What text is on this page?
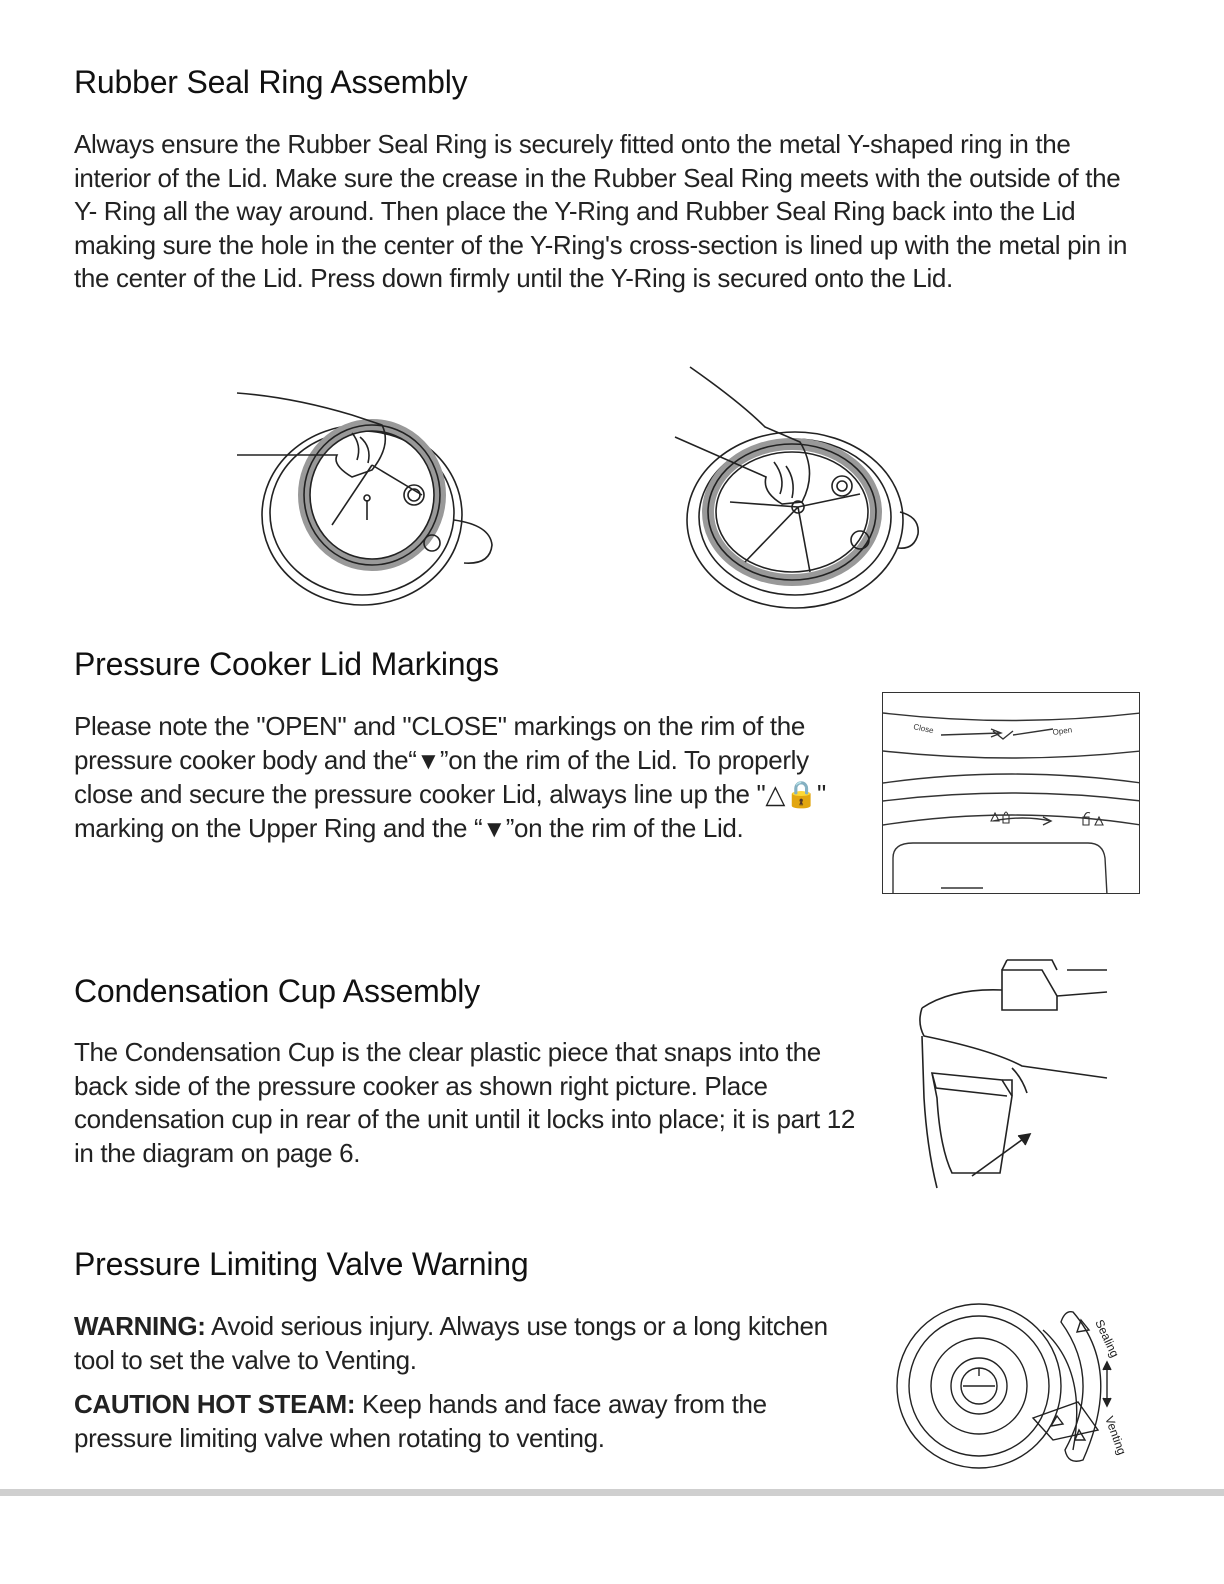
Rubber Seal Ring Assembly

Always ensure the Rubber Seal Ring is securely fitted onto the metal Y-shaped ring in the interior of the Lid. Make sure the crease in the Rubber Seal Ring meets with the outside of the Y- Ring all the way around. Then place the Y-Ring and Rubber Seal Ring back into the Lid making sure the hole in the center of the Y-Ring's cross-section is lined up with the metal pin in the center of the Lid. Press down firmly until the Y-Ring is secured onto the Lid.

Pressure Cooker Lid Markings

Please note the "OPEN" and "CLOSE" markings on the rim of the pressure cooker body and the“▼”on the rim of the Lid. To properly close and secure the pressure cooker Lid, always line up the "△🔒" marking on the Upper Ring and the “▼”on the rim of the Lid.

Close	Open
Condensation Cup Assembly

The Condensation Cup is the clear plastic piece that snaps into the back side of the pressure cooker as shown right picture. Place condensation cup in rear of the unit until it locks into place; it is part 12 in the diagram on page 6.

Pressure Limiting Valve Warning

WARNING: Avoid serious injury. Always use tongs or a long kitchen tool to set the valve to Venting.

CAUTION HOT STEAM: Keep hands and face away from the pressure limiting valve when rotating to venting.

Sealing
Venting
